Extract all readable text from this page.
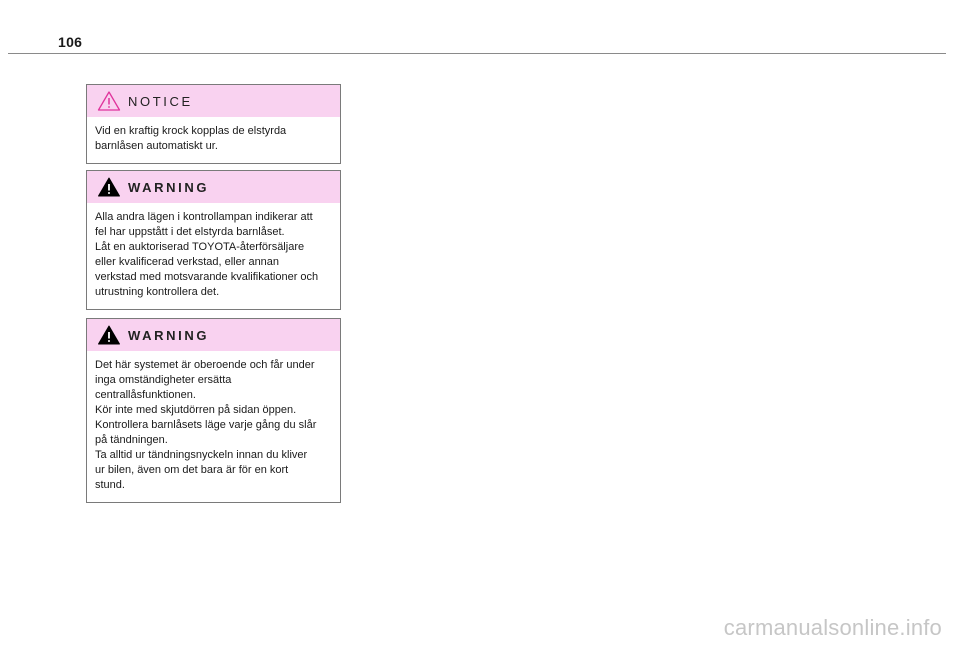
106
NOTICE

Vid en kraftig krock kopplas de elstyrda
barnlåsen automatiskt ur.

WARNING

Alla andra lägen i kontrollampan indikerar att
fel har uppstått i det elstyrda barnlåset.
Låt en auktoriserad TOYOTA-återförsäljare
eller kvalificerad verkstad, eller annan
verkstad med motsvarande kvalifikationer och
utrustning kontrollera det.

WARNING

Det här systemet är oberoende och får under
inga omständigheter ersätta
centrallåsfunktionen.
Kör inte med skjutdörren på sidan öppen.
Kontrollera barnlåsets läge varje gång du slår
på tändningen.
Ta alltid ur tändningsnyckeln innan du kliver
ur bilen, även om det bara är för en kort
stund.

carmanualsonline.info
